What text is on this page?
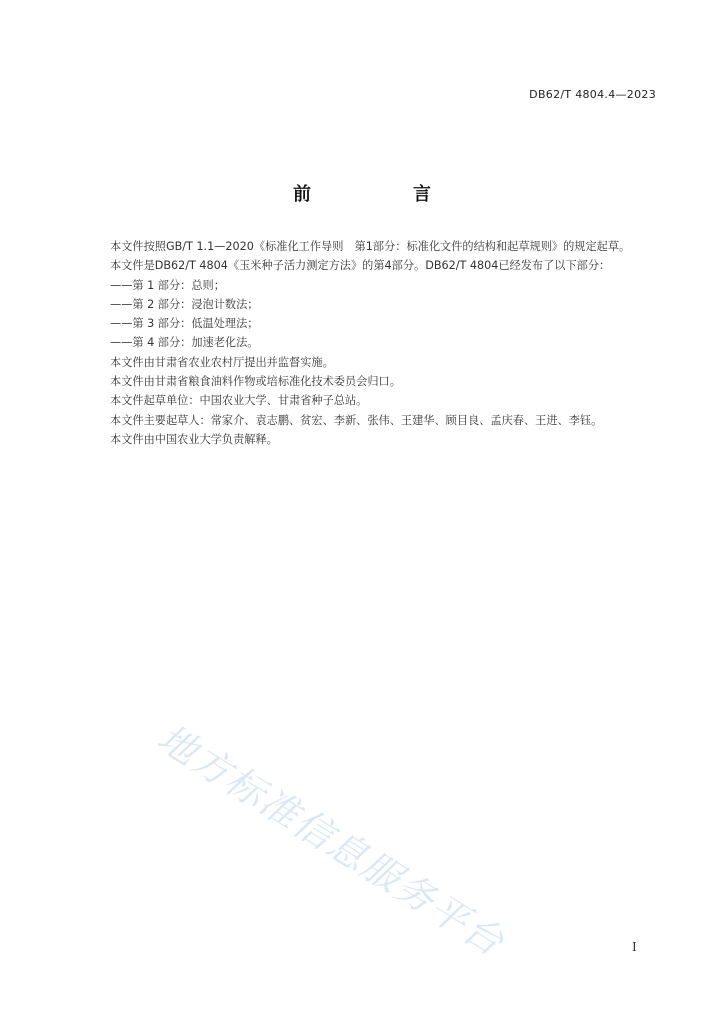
DB62/T 4804.4—2023
前　言

本文件按照GB/T 1.1—2020《标准化工作导则　第1部分：标准化文件的结构和起草规则》的规定起草。

本文件是DB62/T 4804《玉米种子活力测定方法》的第4部分。DB62/T 4804已经发布了以下部分：

——第 1 部分：总则；

——第 2 部分：浸泡计数法；

——第 3 部分：低温处理法；

——第 4 部分：加速老化法。

本文件由甘肃省农业农村厅提出并监督实施。

本文件由甘肃省粮食油料作物或培标准化技术委员会归口。

本文件起草单位：中国农业大学、甘肃省种子总站。

本文件主要起草人：常家介、袁志鹏、贫宏、李新、张伟、王建华、顾目良、孟庆春、王进、李钰。

本文件由中国农业大学负责解释。

地方标准信息服务平台	I
